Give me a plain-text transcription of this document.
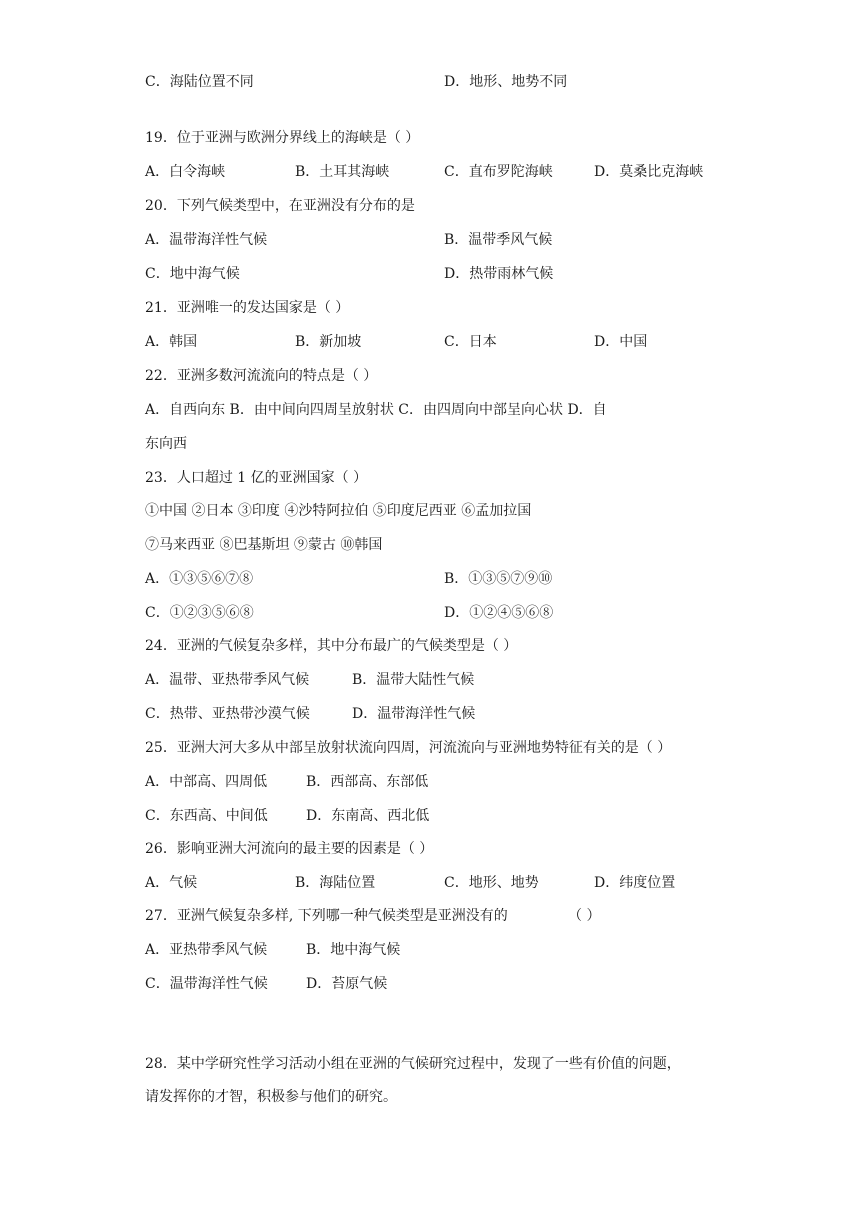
C．海陆位置不同	D．地形、地势不同
19．位于亚洲与欧洲分界线上的海峡是（ ）
A．白令海峡	B．土耳其海峡	C．直布罗陀海峡	D．莫桑比克海峡
20．下列气候类型中，在亚洲没有分布的是
A．温带海洋性气候	B．温带季风气候
C．地中海气候	D．热带雨林气候
21．亚洲唯一的发达国家是（ ）
A．韩国	B．新加坡	C．日本	D．中国
22．亚洲多数河流流向的特点是（ ）
A．自西向东 B．由中间向四周呈放射状 C．由四周向中部呈向心状 D．自
东向西
23．人口超过 1 亿的亚洲国家（ ）
①中国 ②日本 ③印度 ④沙特阿拉伯 ⑤印度尼西亚 ⑥孟加拉国
⑦马来西亚 ⑧巴基斯坦 ⑨蒙古 ⑩韩国
A．①③⑤⑥⑦⑧	B．①③⑤⑦⑨⑩
C．①②③⑤⑥⑧	D．①②④⑤⑥⑧
24．亚洲的气候复杂多样，其中分布最广的气候类型是（ ）
A．温带、亚热带季风气候	B．温带大陆性气候
C．热带、亚热带沙漠气候	D．温带海洋性气候
25．亚洲大河大多从中部呈放射状流向四周，河流流向与亚洲地势特征有关的是（ ）
A．中部高、四周低	B．西部高、东部低
C．东西高、中间低	D．东南高、西北低
26．影响亚洲大河流向的最主要的因素是（ ）
A．气候	B．海陆位置	C．地形、地势	D．纬度位置
27．亚洲气候复杂多样, 下列哪一种气候类型是亚洲没有的	（ ）
A．亚热带季风气候	B．地中海气候
C．温带海洋性气候	D．苔原气候
28．某中学研究性学习活动小组在亚洲的气候研究过程中，发现了一些有价值的问题，
请发挥你的才智，积极参与他们的研究。
